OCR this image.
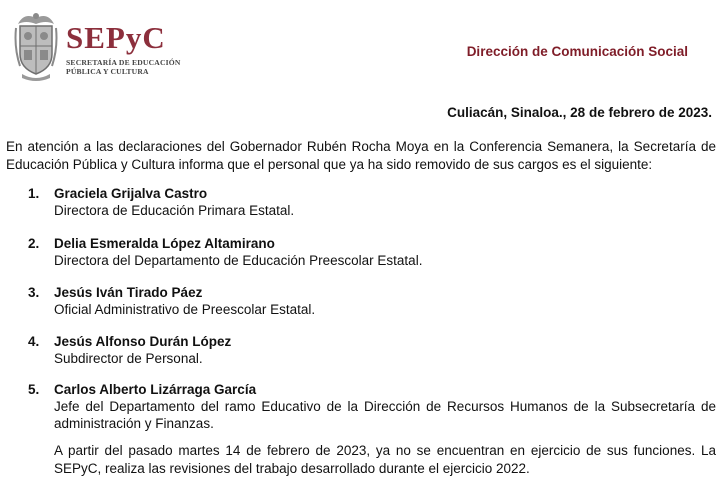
SEPyC
SECRETARÍA DE EDUCACIÓN
PÚBLICA Y CULTURA
Dirección de Comunicación Social
Culiacán, Sinaloa., 28 de febrero de 2023.
En atención a las declaraciones del Gobernador Rubén Rocha Moya en la Conferencia Semanera, la Secretaría de Educación Pública y Cultura informa que el personal que ya ha sido removido de sus cargos es el siguiente:
1. Graciela Grijalva Castro
Directora de Educación Primara Estatal.
2. Delia Esmeralda López Altamirano
Directora del Departamento de Educación Preescolar Estatal.
3. Jesús Iván Tirado Páez
Oficial Administrativo de Preescolar Estatal.
4. Jesús Alfonso Durán López
Subdirector de Personal.
5. Carlos Alberto Lizárraga García
Jefe del Departamento del ramo Educativo de la Dirección de Recursos Humanos de la Subsecretaría de administración y Finanzas.
A partir del pasado martes 14 de febrero de 2023, ya no se encuentran en ejercicio de sus funciones. La SEPyC, realiza las revisiones del trabajo desarrollado durante el ejercicio 2022.
